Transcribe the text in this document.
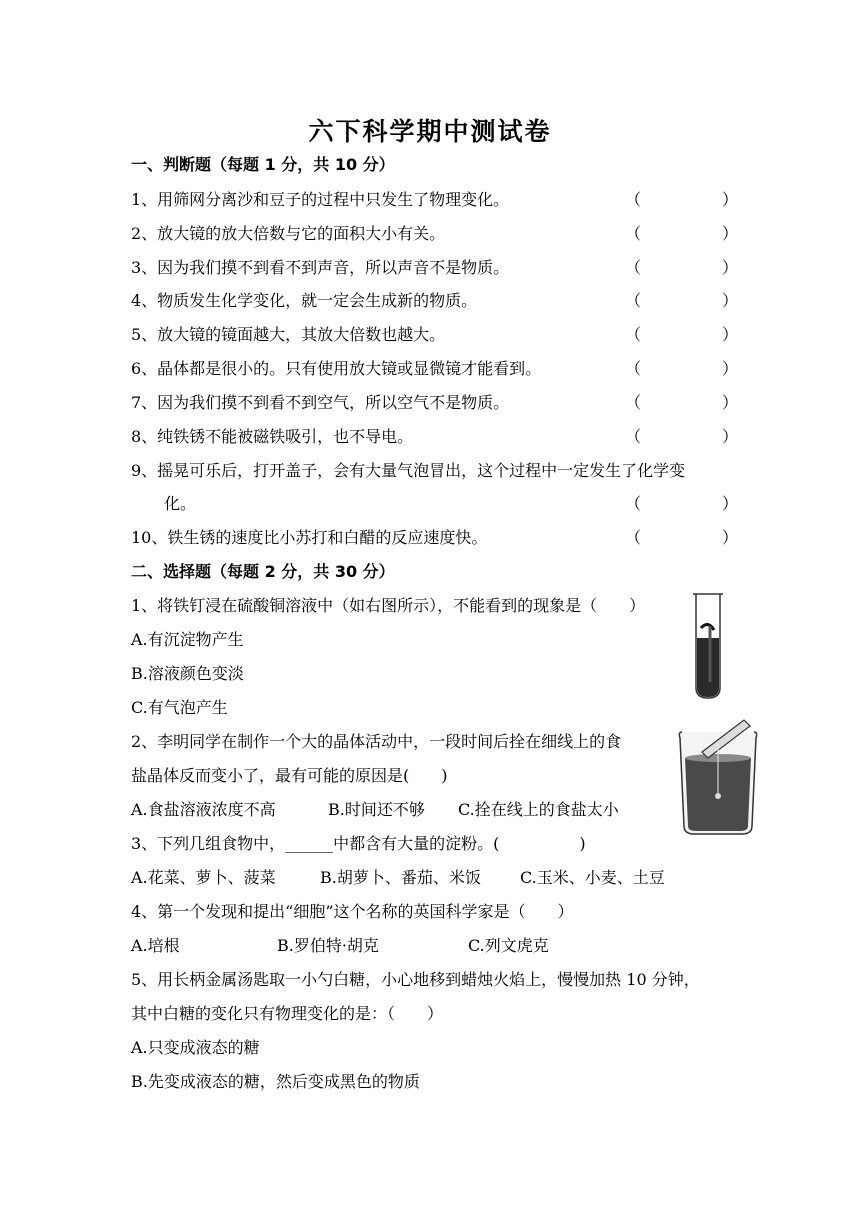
六下科学期中测试卷
一、判断题（每题 1 分，共 10 分）
1、用筛网分离沙和豆子的过程中只发生了物理变化。	（	）
2、放大镜的放大倍数与它的面积大小有关。	（	）
3、因为我们摸不到看不到声音，所以声音不是物质。	（	）
4、物质发生化学变化，就一定会生成新的物质。	（	）
5、放大镜的镜面越大，其放大倍数也越大。	（	）
6、晶体都是很小的。只有使用放大镜或显微镜才能看到。	（	）
7、因为我们摸不到看不到空气，所以空气不是物质。	（	）
8、纯铁锈不能被磁铁吸引，也不导电。	（	）
9、摇晃可乐后，打开盖子，会有大量气泡冒出，这个过程中一定发生了化学变
化。	（	）
10、铁生锈的速度比小苏打和白醋的反应速度快。	（	）
二、选择题（每题 2 分，共 30 分）
1、将铁钉浸在硫酸铜溶液中（如右图所示），不能看到的现象是（　　）
A.有沉淀物产生
B.溶液颜色变淡
C.有气泡产生
2、李明同学在制作一个大的晶体活动中，一段时间后拴在细线上的食
盐晶体反而变小了，最有可能的原因是(　　)
A.食盐溶液浓度不高	B.时间还不够 C.拴在线上的食盐太小
3、下列几组食物中，______中都含有大量的淀粉。(　　　　　)
A.花菜、萝卜、菠菜	B.胡萝卜、番茄、米饭 C.玉米、小麦、土豆
4、第一个发现和提出“细胞”这个名称的英国科学家是（　　）
A.培根	B.罗伯特·胡克	C.列文虎克
5、用长柄金属汤匙取一小勺白糖，小心地移到蜡烛火焰上，慢慢加热 10 分钟，
其中白糖的变化只有物理变化的是：（　　）
A.只变成液态的糖
B.先变成液态的糖，然后变成黑色的物质
